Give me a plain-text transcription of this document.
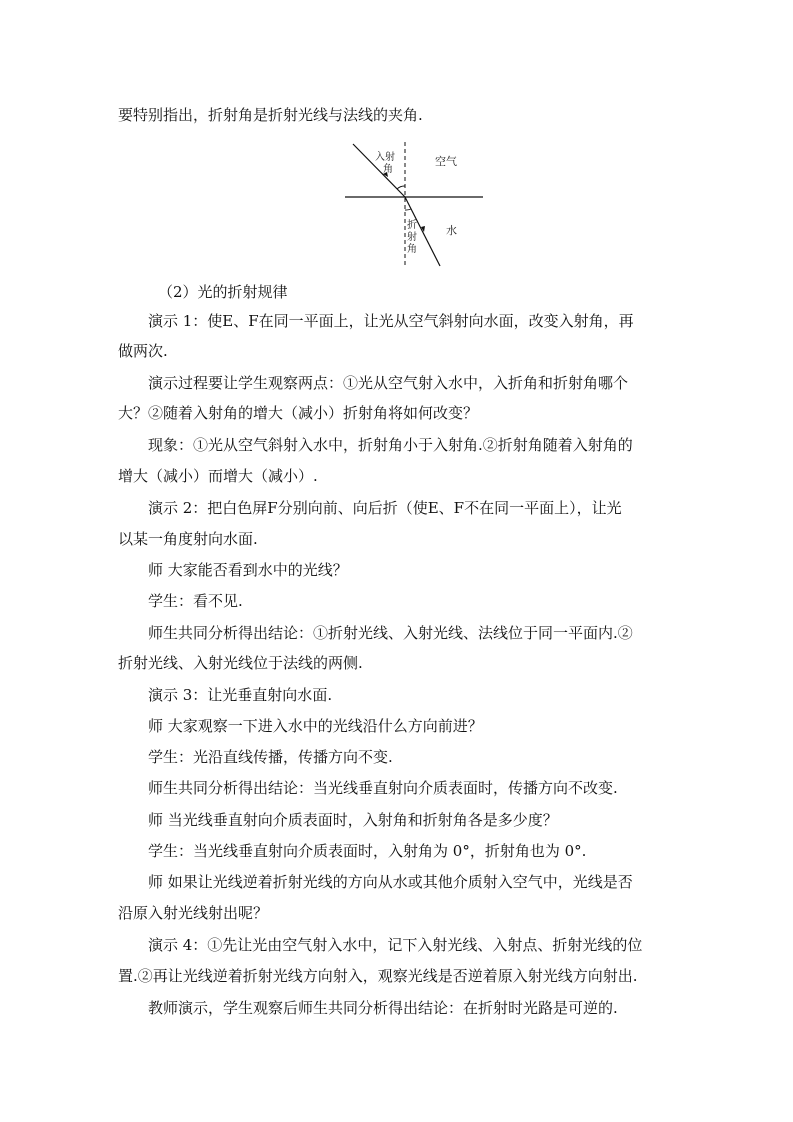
要特别指出，折射角是折射光线与法线的夹角.

入射
角
空气
水
折
射
角

（2）光的折射规律

演示 1：使E、F在同一平面上，让光从空气斜射向水面，改变入射角，再

做两次.

演示过程要让学生观察两点：①光从空气射入水中，入折角和折射角哪个

大？②随着入射角的增大（减小）折射角将如何改变？

现象：①光从空气斜射入水中，折射角小于入射角.②折射角随着入射角的

增大（减小）而增大（减小）.

演示 2：把白色屏F分别向前、向后折（使E、F不在同一平面上），让光

以某一角度射向水面.

师 大家能否看到水中的光线？

学生：看不见.

师生共同分析得出结论：①折射光线、入射光线、法线位于同一平面内.②

折射光线、入射光线位于法线的两侧.

演示 3：让光垂直射向水面.

师 大家观察一下进入水中的光线沿什么方向前进？

学生：光沿直线传播，传播方向不变.

师生共同分析得出结论：当光线垂直射向介质表面时，传播方向不改变.

师 当光线垂直射向介质表面时，入射角和折射角各是多少度？

学生：当光线垂直射向介质表面时，入射角为 0°，折射角也为 0°.

师 如果让光线逆着折射光线的方向从水或其他介质射入空气中，光线是否

沿原入射光线射出呢？

演示 4：①先让光由空气射入水中，记下入射光线、入射点、折射光线的位

置.②再让光线逆着折射光线方向射入，观察光线是否逆着原入射光线方向射出.

教师演示，学生观察后师生共同分析得出结论：在折射时光路是可逆的.
